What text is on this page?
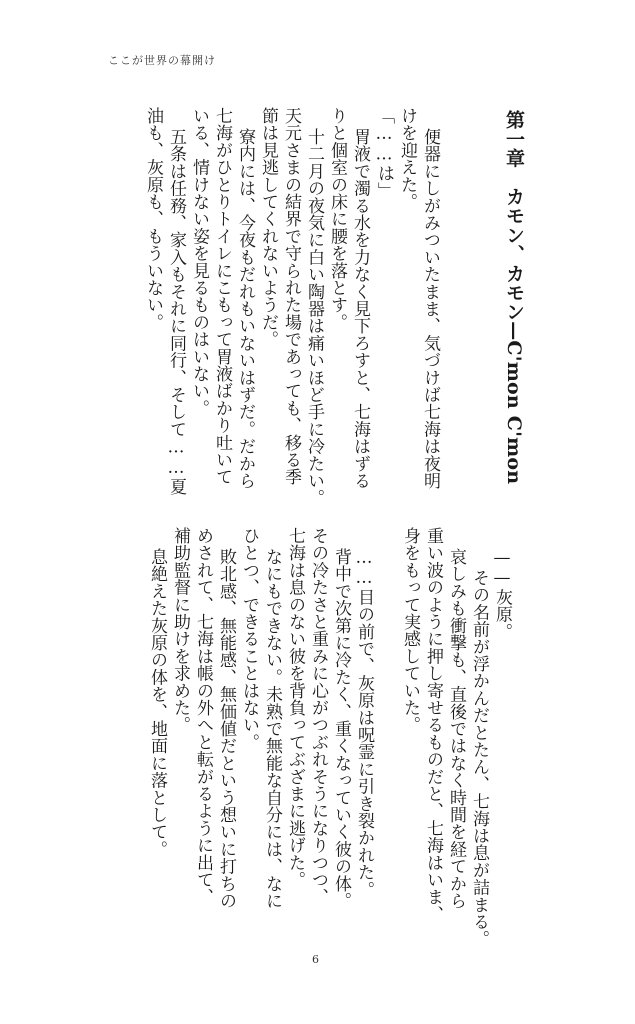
ここが世界の幕開け
第一章　カモン、カモン—C'mon C'mon
便器にしがみついたまま、気づけば七海は夜明
けを迎えた。
「……は」
胃液で濁る水を力なく見下ろすと、七海はずる
りと個室の床に腰を落とす。
十二月の夜気に白い陶器は痛いほど手に冷たい。
天元さまの結界で守られた場であっても、移る季
節は見逃してくれないようだ。
寮内には、今夜もだれもいないはずだ。だから
七海がひとりトイレにこもって胃液ばかり吐いて
いる、情けない姿を見るものはいない。
五条は任務、家入もそれに同行、そして……夏
油も、灰原も、もういない。
——灰原。
その名前が浮かんだとたん、七海は息が詰まる。
哀しみも衝撃も、直後ではなく時間を経てから
重い波のように押し寄せるものだと、七海はいま、
身をもって実感していた。
……目の前で、灰原は呪霊に引き裂かれた。
背中で次第に冷たく、重くなっていく彼の体。
その冷たさと重みに心がつぶれそうになりつつ、
七海は息のない彼を背負ってぶざまに逃げた。
なにもできない。未熟で無能な自分には、なに
ひとつ、できることはない。
敗北感、無能感、無価値だという想いに打ちの
めされて、七海は帳の外へと転がるように出て、
補助監督に助けを求めた。
息絶えた灰原の体を、地面に落として。
6
